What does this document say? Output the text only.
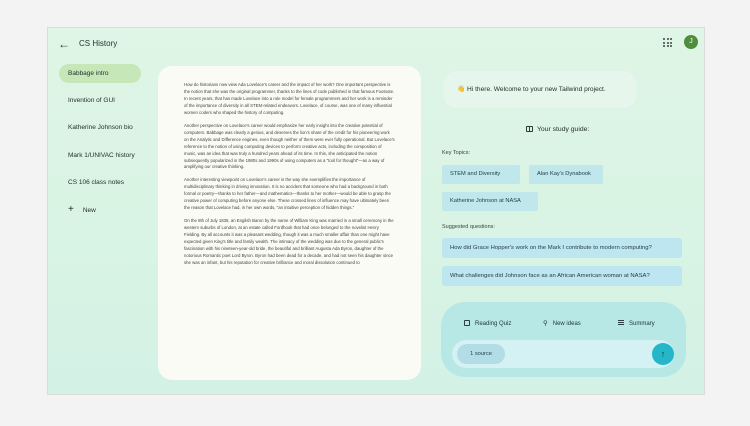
← CS History	J
Babbage intro
Invention of GUI
Katherine Johnson bio
Mark 1/UNIVAC history
CS 106 class notes
+ New

How do historians now view Ada Lovelace's career and the impact of her work? One important perspective is the notion that she was the original programmer, thanks to the lines of code published in that famous Footnote. In recent years, that has made Lovelace into a role model for female programmers and her work is a reminder of the importance of diversity in all STEM-related endeavors. Lovelace, of course, was one of many influential women coders who shaped the history of computing.

Another perspective on Lovelace's career would emphasize her early insight into the creative potential of computers. Babbage was clearly a genius, and deserves the lion's share of the credit for his pioneering work on the Analytic and Difference engines, even though neither of them were ever fully operational. But Lovelace's reference to the notion of using computing devices to perform creative acts, including the composition of music, was an idea that was truly a hundred years ahead of its time. In this, she anticipated the notion subsequently popularized in the 1980s and 1990s of using computers as a "tool for thought"—as a way of amplifying our creative thinking.

Another interesting viewpoint on Lovelace's career is the way she exemplifies the importance of multidisciplinary thinking in driving innovation. It is no accident that someone who had a background in both formal or poetry—thanks to her father—and mathematics—thanks to her mother—would be able to grasp the creative power of computing before anyone else. These crossed lines of influence may have ultimately been the reason that Lovelace had, in her own words, "an intuitive perception of hidden things."

On the 8th of July 1835, an English Baron by the name of William King was married in a small ceremony in the western suburbs of London, at an estate called Fordhook that had once belonged to the novelist Henry Fielding. By all accounts it was a pleasant wedding, though it was a much smaller affair than one might have expected given King's title and family wealth. The intimacy of the wedding was due to the general public's fascination with his nineteen-year-old bride, the beautiful and brilliant Augusta Ada Byron, daughter of the notorious Romantic poet Lord Byron. Byron had been dead for a decade, and had not seen his daughter since she was an infant, but his reputation for creative brilliance and moral dissolution continued to

👋 Hi there. Welcome to your new Tailwind project.
Your study guide:
Key Topics:
STEM and Diversity	Alan Kay's Dynabook
Katherine Johnson at NASA
Suggested questions:
How did Grace Hopper's work on the Mark I contribute to modern computing?
What challenges did Johnson face as an African American woman at NASA?
Reading Quiz	⚲ New ideas	Summary
1 source	↑
